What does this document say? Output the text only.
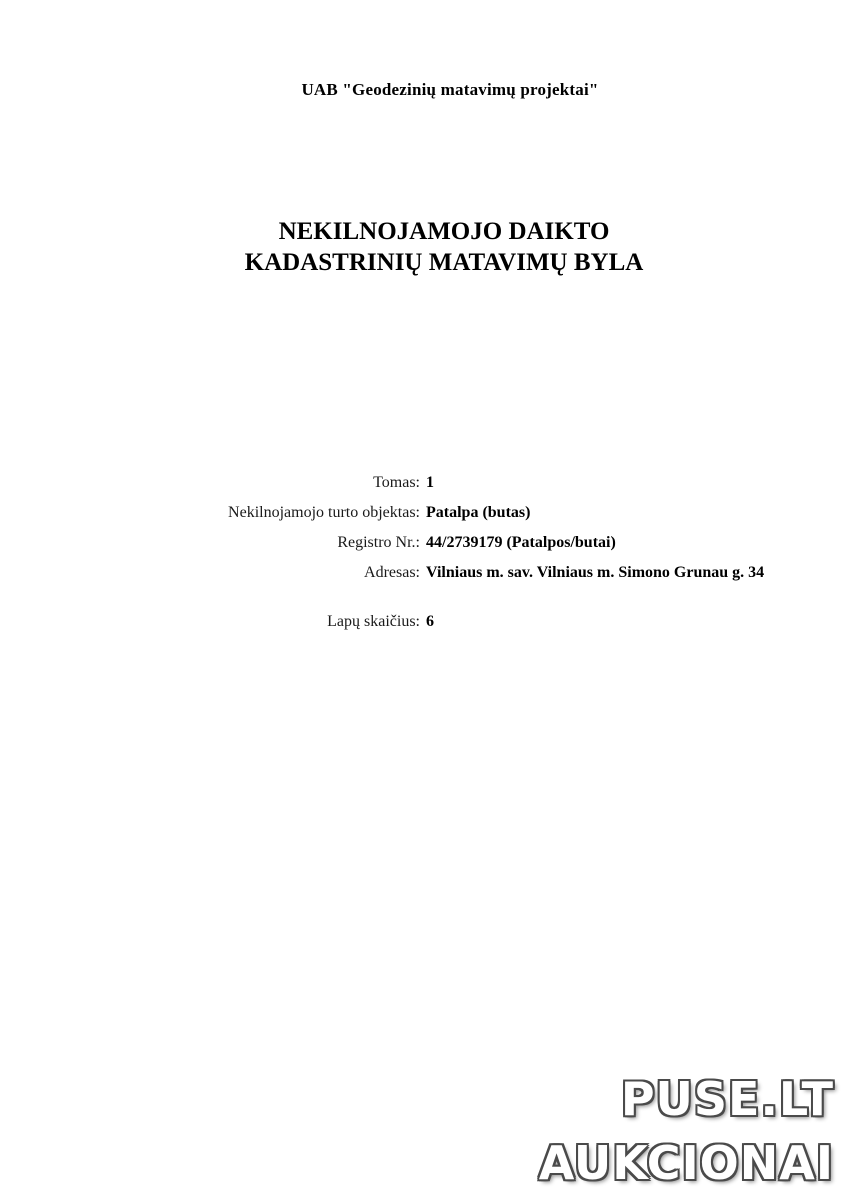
UAB "Geodezinių matavimų projektai"
NEKILNOJAMOJO DAIKTO
KADASTRINIŲ MATAVIMŲ BYLA
Tomas: 1
Nekilnojamojo turto objektas: Patalpa (butas)
Registro Nr.: 44/2739179 (Patalpos/butai)
Adresas: Vilniaus m. sav. Vilniaus m. Simono Grunau g. 34
Lapų skaičius: 6
PUSE.LT
AUKCIONAI
